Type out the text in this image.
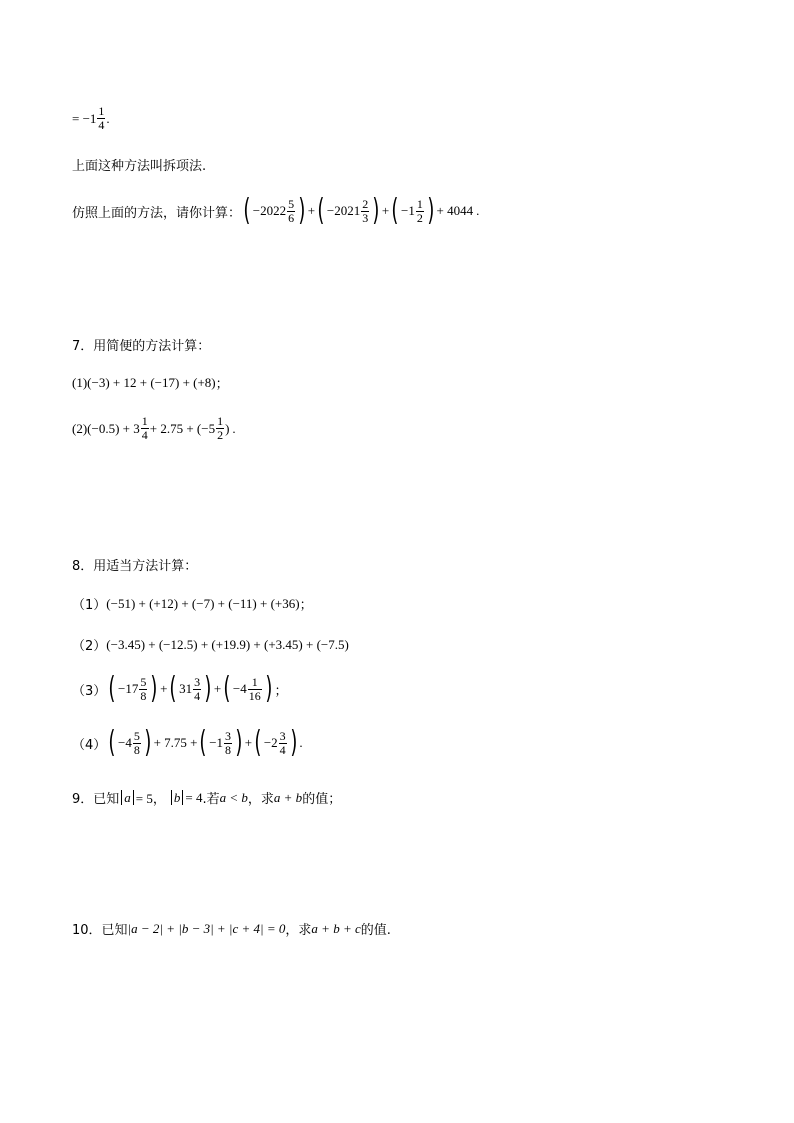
= $-1 \frac{1}{4}$ .
上面这种方法叫拆项法.
仿照上面的方法，请你计算： ( $-2022 \frac{5}{6}$ ) + ( $-2021 \frac{2}{3}$ ) + ( $-1 \frac{1}{2}$ ) + 4044 .
7．用简便的方法计算：
(1) (−3) + 12 + (−17) + (+8) ；
(2) $(-0.5) + 3 \frac{1}{4} + 2.75 + (-5 \frac{1}{2}$ ) .
8．用适当方法计算：
（1） (−51) + (+12) + (−7) + (−11) + (+36) ；
（2） (−3.45) + (−12.5) + (+19.9) + (+3.45) + (−7.5)
（3） ( $-17 \frac{5}{8}$ ) + ( $31 \frac{3}{4}$ ) + ( $-4 \frac{1}{16}$ ) ；
（4） ( $-4 \frac{5}{8}$ ) + 7.75 + ( $-1 \frac{3}{8}$ ) + ( $-2 \frac{3}{4}$ ) .
9．已知 a = 5， b = 4 .若 a < b ，求 a + b 的值；
10．已知 |a − 2| + |b − 3| + |c + 4| = 0 ，求 a + b + c 的值.
